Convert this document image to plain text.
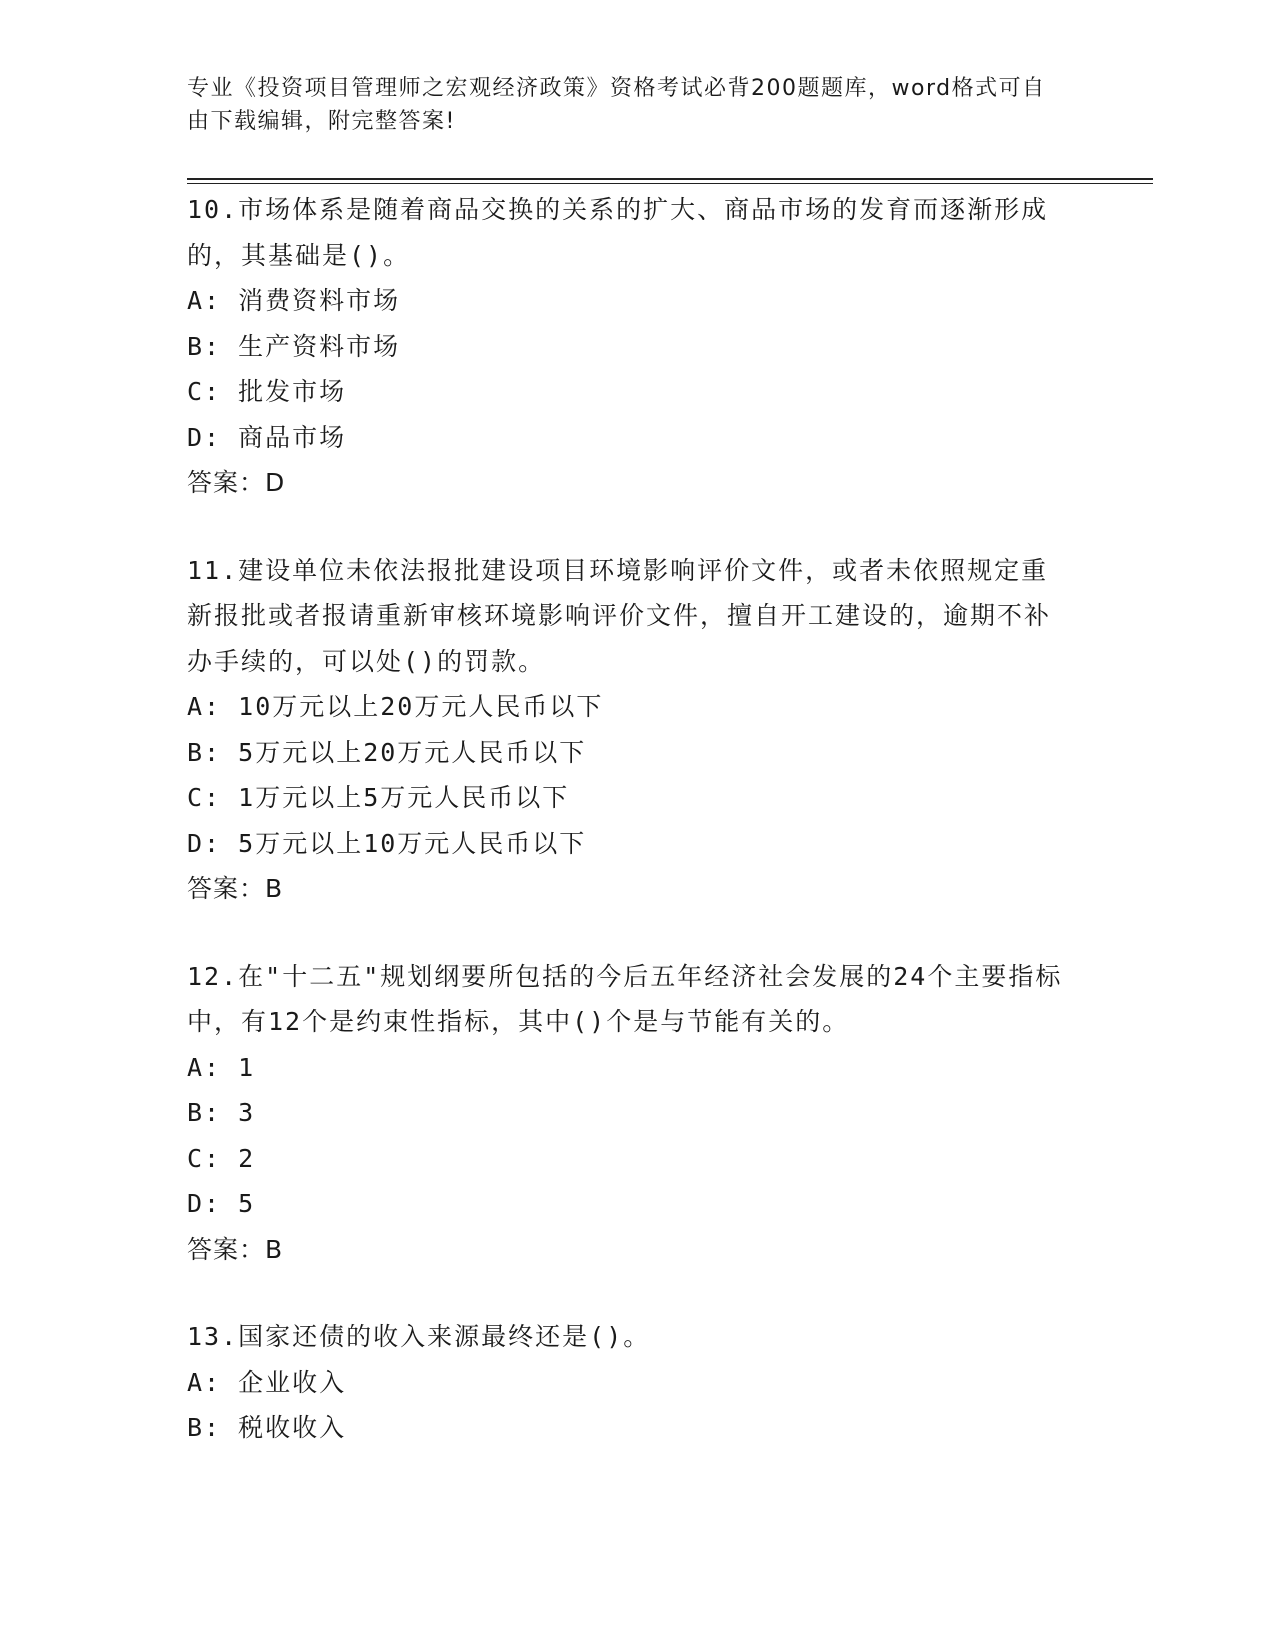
专业《投资项目管理师之宏观经济政策》资格考试必背200题题库，word格式可自由下载编辑，附完整答案!

10.市场体系是随着商品交换的关系的扩大、商品市场的发育而逐渐形成的，其基础是()。

A: 消费资料市场

B: 生产资料市场

C: 批发市场

D: 商品市场

答案：D

11.建设单位未依法报批建设项目环境影响评价文件，或者未依照规定重新报批或者报请重新审核环境影响评价文件，擅自开工建设的，逾期不补办手续的，可以处()的罚款。

A: 10万元以上20万元人民币以下

B: 5万元以上20万元人民币以下

C: 1万元以上5万元人民币以下

D: 5万元以上10万元人民币以下

答案：B

12.在"十二五"规划纲要所包括的今后五年经济社会发展的24个主要指标中，有12个是约束性指标，其中()个是与节能有关的。

A: 1

B: 3

C: 2

D: 5

答案：B

13.国家还债的收入来源最终还是()。

A: 企业收入

B: 税收收入
